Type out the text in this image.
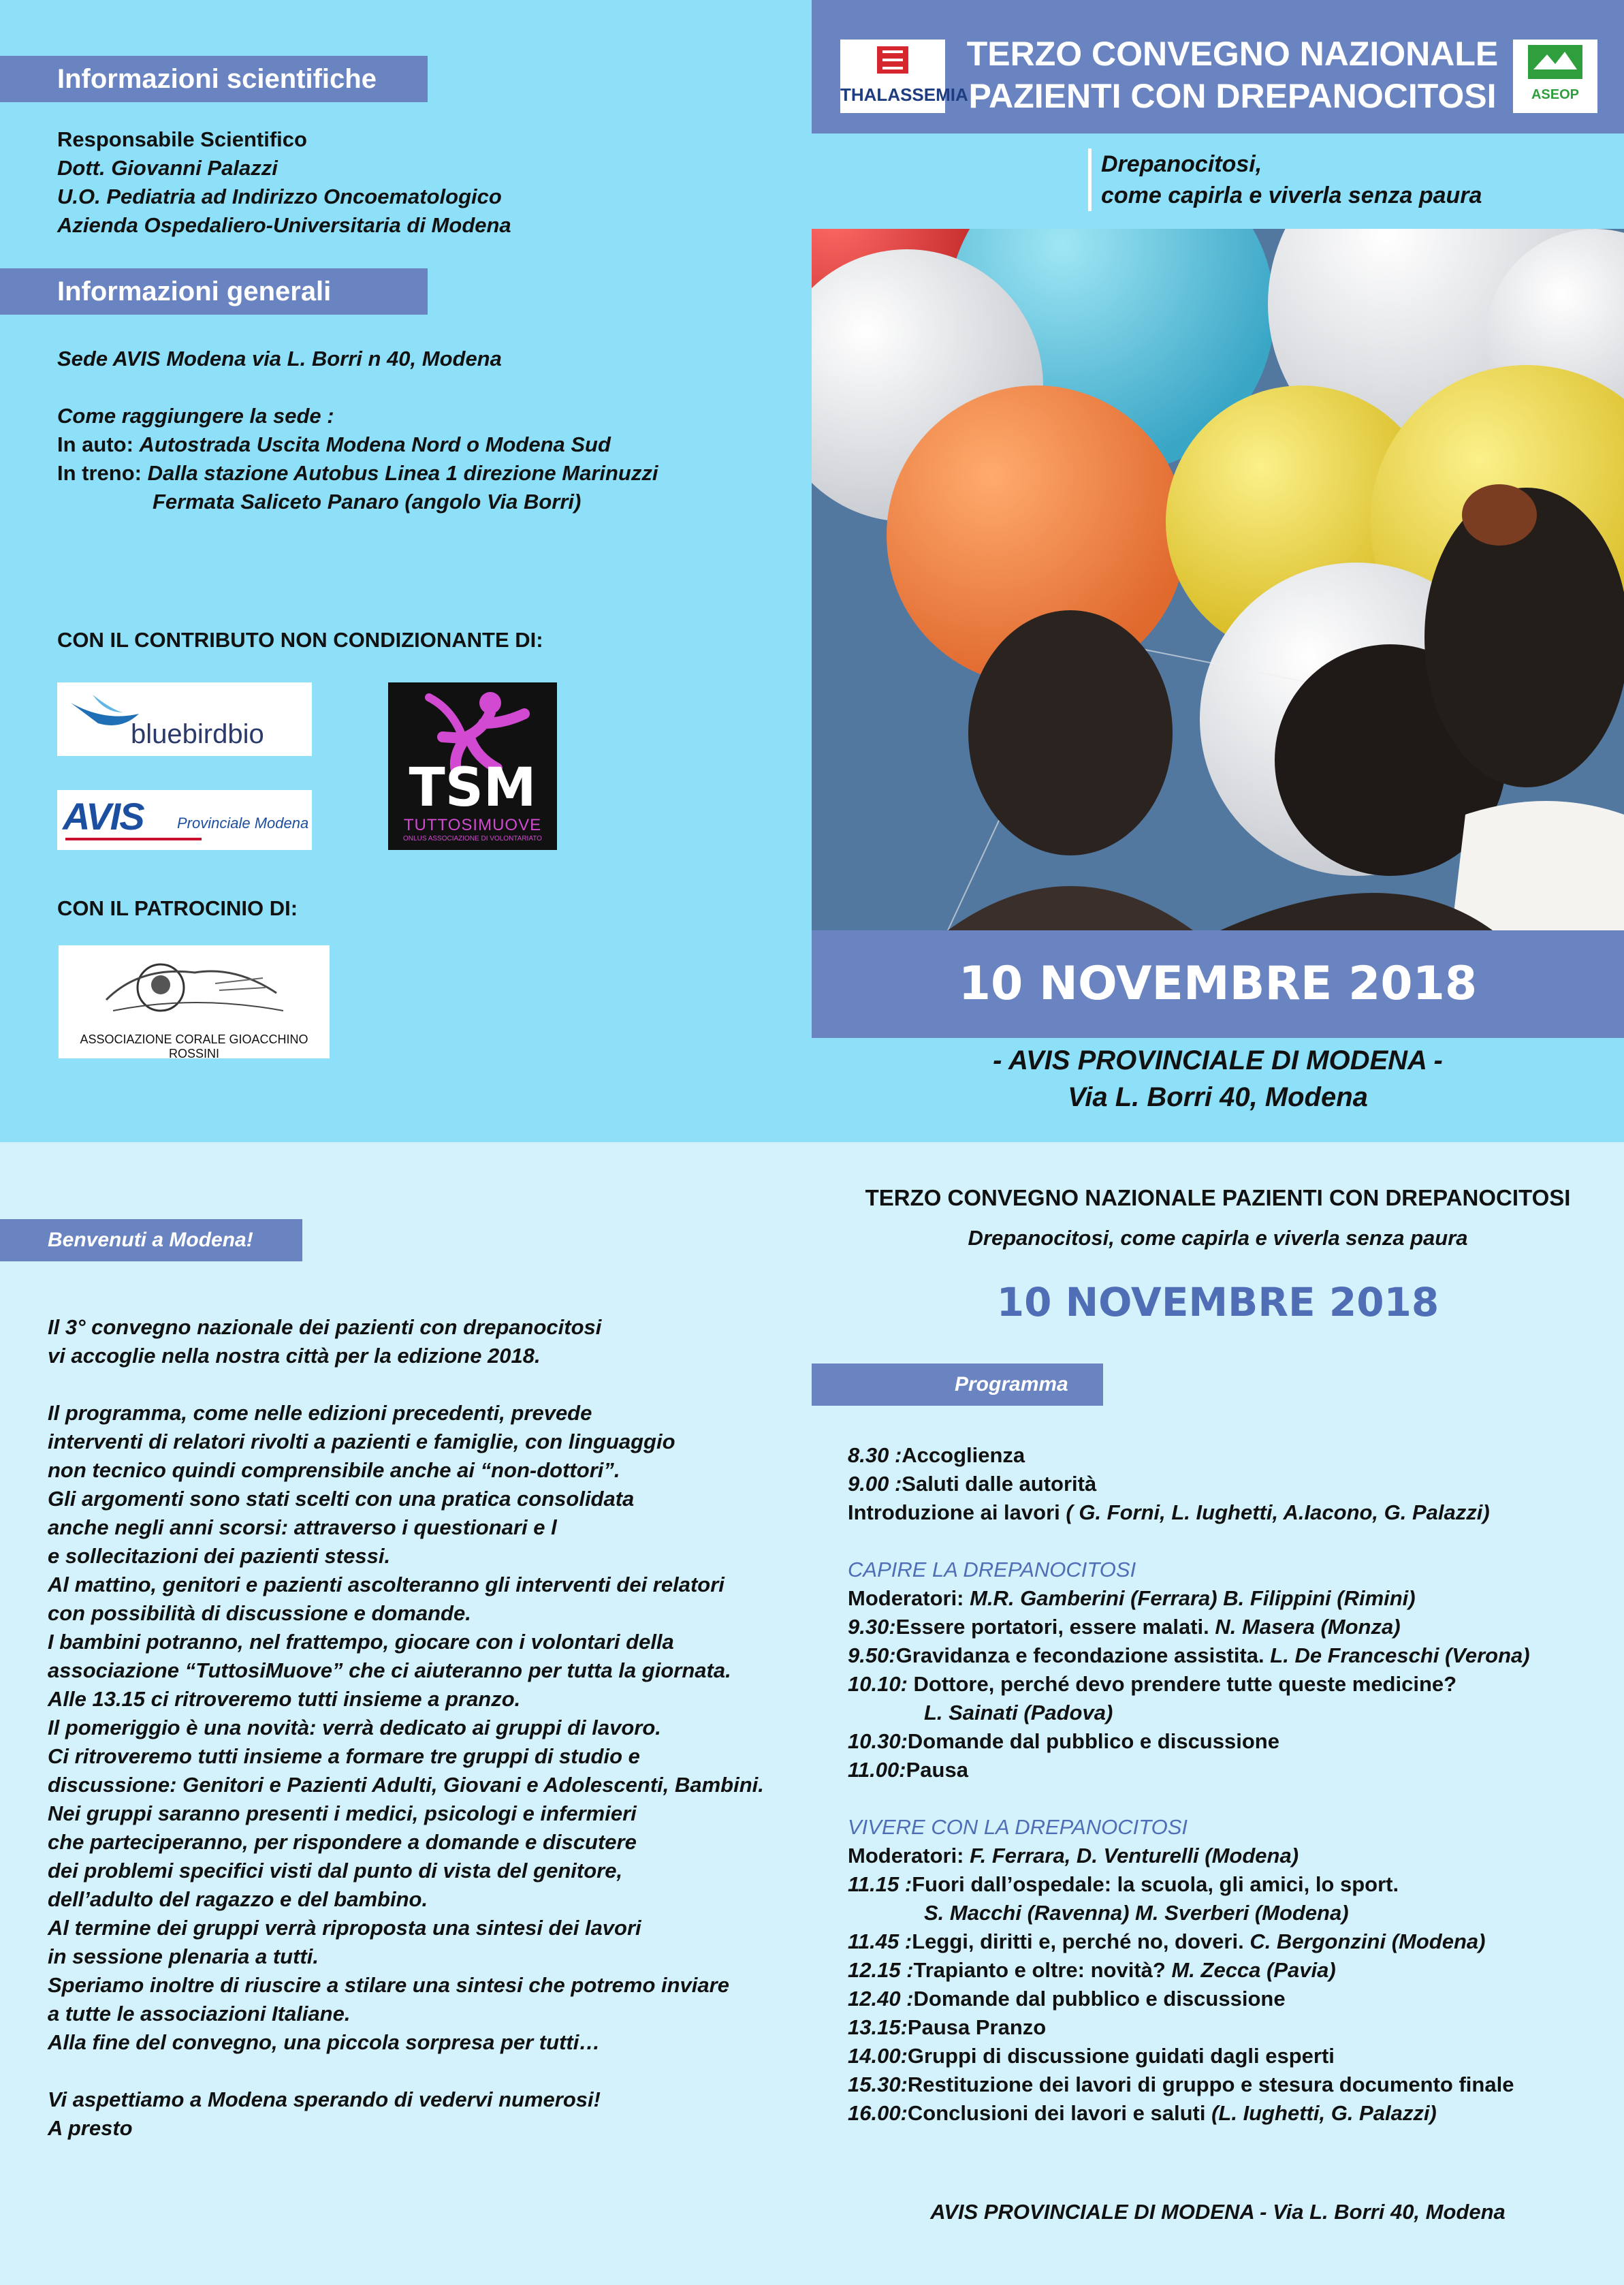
Informazioni scientifiche
Responsabile Scientifico
Dott. Giovanni Palazzi
U.O. Pediatria ad Indirizzo Oncoematologico
Azienda Ospedaliero-Universitaria di Modena
Informazioni generali
Sede AVIS Modena via L. Borri n 40, Modena
Come raggiungere la sede :
In auto: Autostrada Uscita Modena Nord o Modena Sud
In treno: Dalla stazione Autobus Linea 1 direzione Marinuzzi
Fermata Saliceto Panaro (angolo Via Borri)
CON IL CONTRIBUTO NON CONDIZIONANTE DI:
bluebirdbio
AVIS Provinciale Modena
TSM
TUTTOSIMUOVE
ONLUS ASSOCIAZIONE DI VOLONTARIATO
CON IL PATROCINIO DI:
ASSOCIAZIONE CORALE GIOACCHINO ROSSINI
THALASSEMIA
TERZO CONVEGNO NAZIONALE
PAZIENTI CON DREPANOCITOSI	ASEOP
Drepanocitosi,
come capirla e viverla senza paura
10 NOVEMBRE 2018
- AVIS PROVINCIALE DI MODENA -
Via L. Borri 40, Modena
Benvenuti a Modena!
Il 3° convegno nazionale dei pazienti con drepanocitosi
vi accoglie nella nostra città per la edizione 2018.
Il programma, come nelle edizioni precedenti, prevede
interventi di relatori rivolti a pazienti e famiglie, con linguaggio
non tecnico quindi comprensibile anche ai “non-dottori”.
Gli argomenti sono stati scelti con una pratica consolidata
anche negli anni scorsi: attraverso i questionari e l
e sollecitazioni dei pazienti stessi.
Al mattino, genitori e pazienti ascolteranno gli interventi dei relatori
con possibilità di discussione e domande.
I bambini potranno, nel frattempo, giocare con i volontari della
associazione “TuttosiMuove” che ci aiuteranno per tutta la giornata.
Alle 13.15 ci ritroveremo tutti insieme a pranzo.
Il pomeriggio è una novità: verrà dedicato ai gruppi di lavoro.
Ci ritroveremo tutti insieme a formare tre gruppi di studio e
discussione: Genitori e Pazienti Adulti, Giovani e Adolescenti, Bambini.
Nei gruppi saranno presenti i medici, psicologi e infermieri
che parteciperanno, per rispondere a domande e discutere
dei problemi specifici visti dal punto di vista del genitore,
dell’adulto del ragazzo e del bambino.
Al termine dei gruppi verrà riproposta una sintesi dei lavori
in sessione plenaria a tutti.
Speriamo inoltre di riuscire a stilare una sintesi che potremo inviare
a tutte le associazioni Italiane.
Alla fine del convegno, una piccola sorpresa per tutti…
Vi aspettiamo a Modena sperando di vedervi numerosi!
A presto
TERZO CONVEGNO NAZIONALE PAZIENTI CON DREPANOCITOSI
Drepanocitosi, come capirla e viverla senza paura
10 NOVEMBRE 2018
Programma
8.30 :Accoglienza
9.00 :Saluti dalle autorità
Introduzione ai lavori ( G. Forni, L. Iughetti, A.Iacono, G. Palazzi)
CAPIRE LA DREPANOCITOSI
Moderatori: M.R. Gamberini (Ferrara) B. Filippini (Rimini)
9.30:Essere portatori, essere malati. N. Masera (Monza)
9.50:Gravidanza e fecondazione assistita. L. De Franceschi (Verona)
10.10: Dottore, perché devo prendere tutte queste medicine?
L. Sainati (Padova)
10.30:Domande dal pubblico e discussione
11.00:Pausa
VIVERE CON LA DREPANOCITOSI
Moderatori: F. Ferrara, D. Venturelli (Modena)
11.15 :Fuori dall’ospedale: la scuola, gli amici, lo sport.
S. Macchi (Ravenna) M. Sverberi (Modena)
11.45 :Leggi, diritti e, perché no, doveri. C. Bergonzini (Modena)
12.15 :Trapianto e oltre: novità? M. Zecca (Pavia)
12.40 :Domande dal pubblico e discussione
13.15:Pausa Pranzo
14.00:Gruppi di discussione guidati dagli esperti
15.30:Restituzione dei lavori di gruppo e stesura documento finale
16.00:Conclusioni dei lavori e saluti (L. Iughetti, G. Palazzi)
AVIS PROVINCIALE DI MODENA - Via L. Borri 40, Modena
